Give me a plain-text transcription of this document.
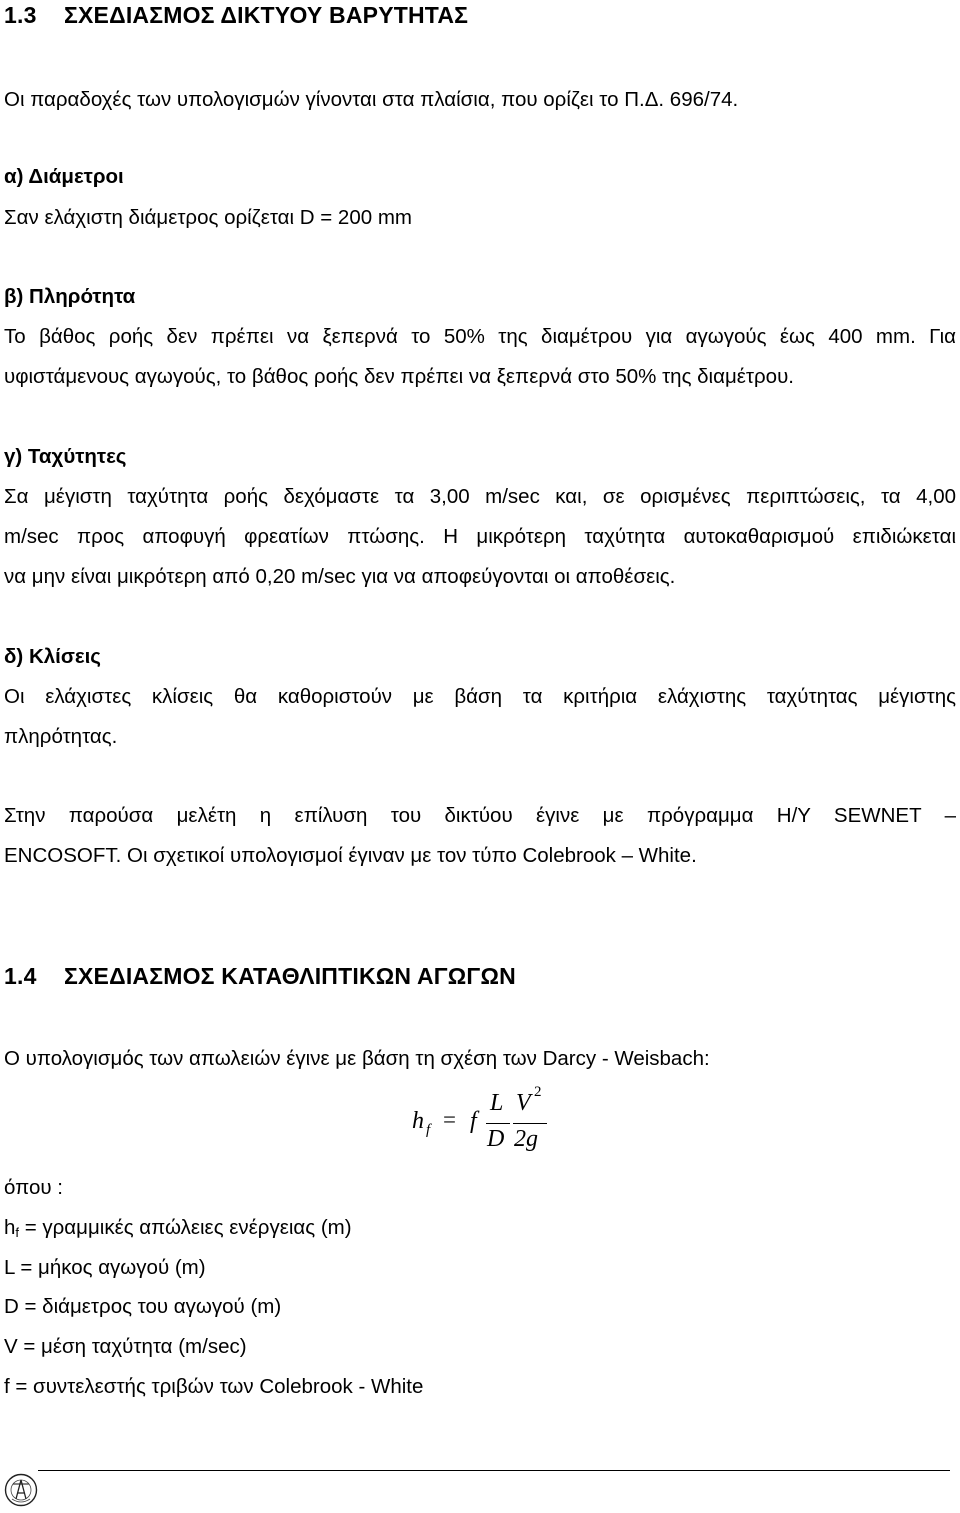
1.3 ΣΧΕΔΙΑΣΜΟΣ ΔΙΚΤΥΟΥ ΒΑΡΥΤΗΤΑΣ
Οι παραδοχές των υπολογισμών γίνονται στα πλαίσια, που ορίζει το Π.Δ. 696/74.
α) Διάμετροι
Σαν ελάχιστη διάμετρος ορίζεται D = 200 mm
β) Πληρότητα
Το βάθος ροής δεν πρέπει να ξεπερνά το 50% της διαμέτρου για αγωγούς έως 400 mm. Για
υφιστάμενους αγωγούς, το βάθος ροής δεν πρέπει να ξεπερνά στο 50% της διαμέτρου.
γ) Ταχύτητες
Σα μέγιστη ταχύτητα ροής δεχόμαστε τα 3,00 m/sec και, σε ορισμένες περιπτώσεις, τα 4,00
m/sec προς αποφυγή φρεατίων πτώσης. Η μικρότερη ταχύτητα αυτοκαθαρισμού επιδιώκεται
να μην είναι μικρότερη από 0,20 m/sec για να αποφεύγονται οι αποθέσεις.
δ) Κλίσεις
Οι ελάχιστες κλίσεις θα καθοριστούν με βάση τα κριτήρια ελάχιστης ταχύτητας μέγιστης
πληρότητας.
Στην παρούσα μελέτη η επίλυση του δικτύου έγινε με πρόγραμμα Η/Υ SEWNET –
ENCOSOFT. Οι σχετικοί υπολογισμοί έγιναν με τον τύπο Colebrook – White.
1.4 ΣΧΕΔΙΑΣΜΟΣ ΚΑΤΑΘΛΙΠΤΙΚΩΝ ΑΓΩΓΩΝ
Ο υπολογισμός των απωλειών έγινε με βάση τη σχέση των Darcy - Weisbach:
h f = f
L
D
V 2
2g
όπου :
hf = γραμμικές απώλειες ενέργειας (m)
L = μήκος αγωγού (m)
D = διάμετρος του αγωγού (m)
V = μέση ταχύτητα (m/sec)
f = συντελεστής τριβών των Colebrook - White
